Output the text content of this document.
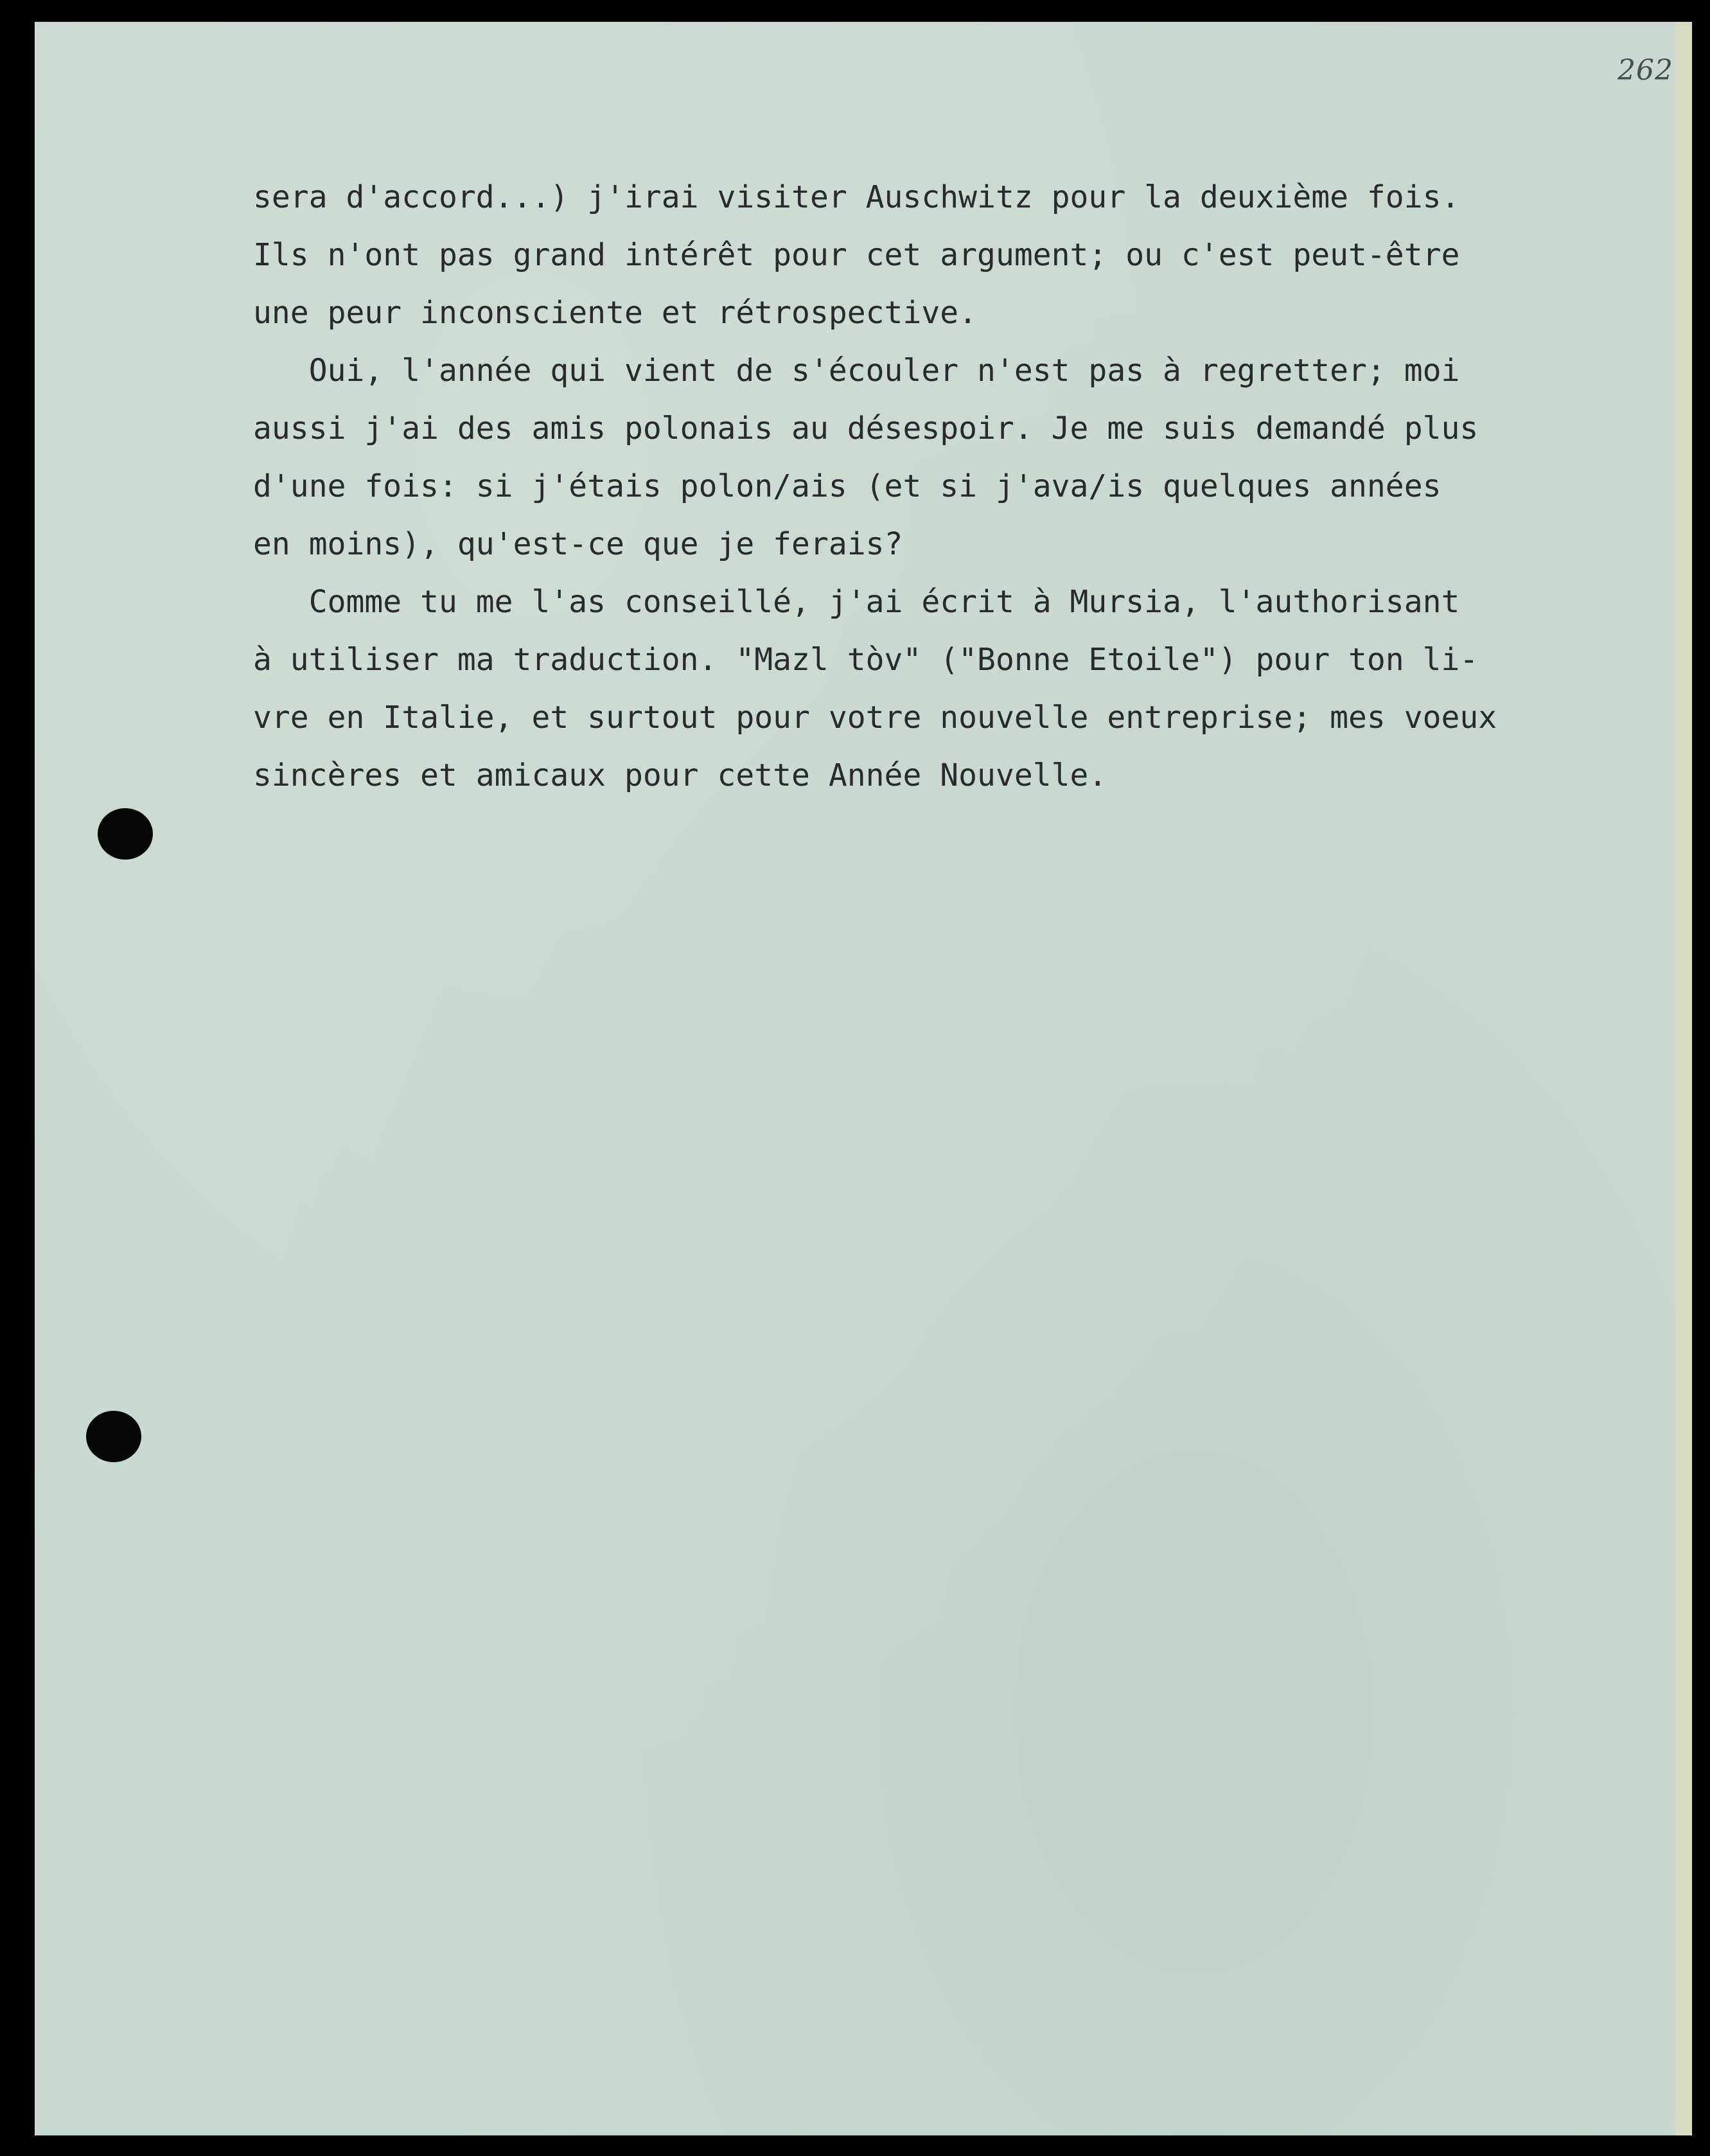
262
sera d'accord...) j'irai visiter Auschwitz pour la deuxième fois.
Ils n'ont pas grand intérêt pour cet argument; ou c'est peut-être
une peur inconsciente et rétrospective.
Oui, l'année qui vient de s'écouler n'est pas à regretter; moi
aussi j'ai des amis polonais au désespoir. Je me suis demandé plus
d'une fois: si j'étais polon/ais (et si j'ava/is quelques années
en moins), qu'est-ce que je ferais?
Comme tu me l'as conseillé, j'ai écrit à Mursia, l'authorisant
à utiliser ma traduction. "Mazl tòv" ("Bonne Etoile") pour ton li-
vre en Italie, et surtout pour votre nouvelle entreprise; mes voeux
sincères et amicaux pour cette Année Nouvelle.
